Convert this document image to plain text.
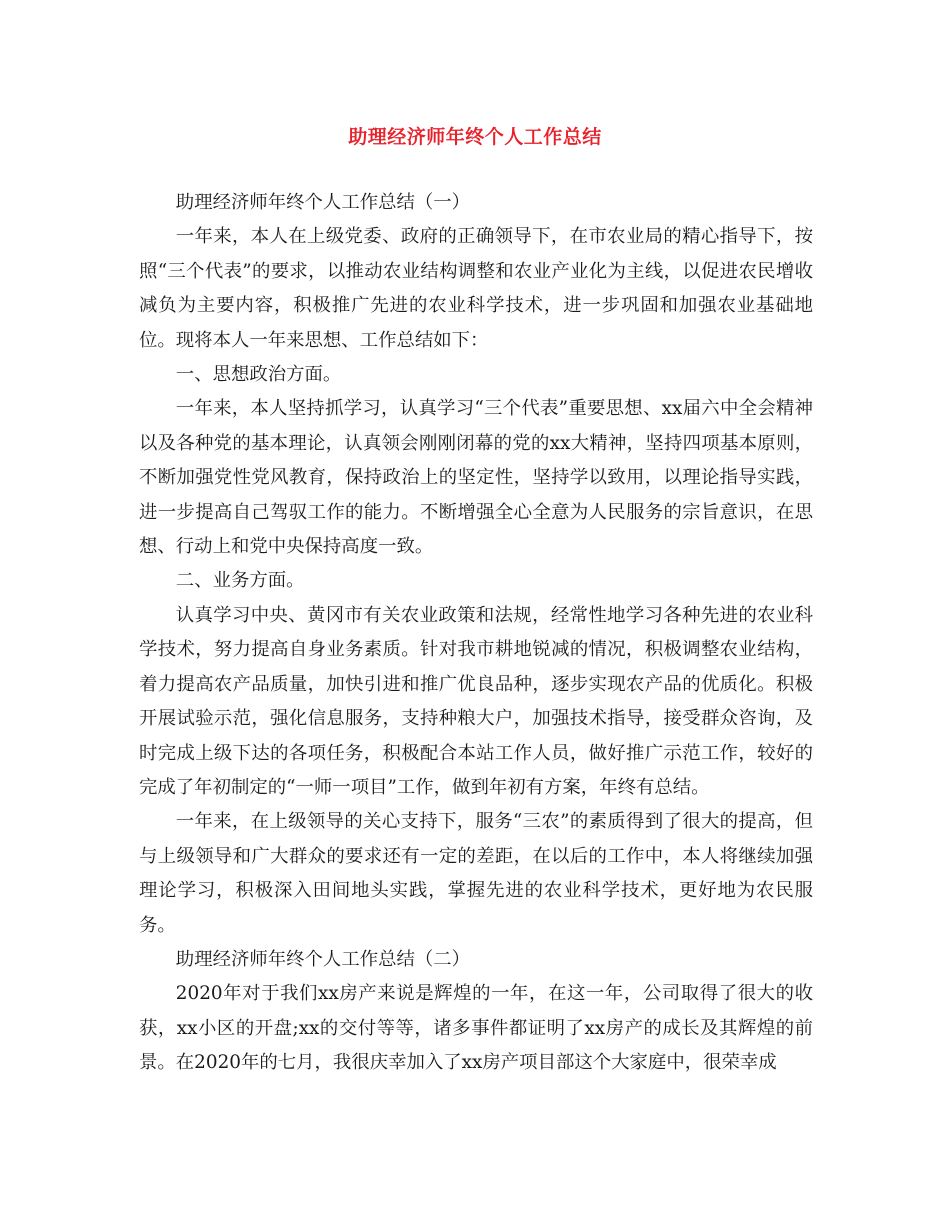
助理经济师年终个人工作总结

助理经济师年终个人工作总结（一）

一年来，本人在上级党委、政府的正确领导下，在市农业局的精心指导下，按照“三个代表”的要求，以推动农业结构调整和农业产业化为主线，以促进农民增收减负为主要内容，积极推广先进的农业科学技术，进一步巩固和加强农业基础地位。现将本人一年来思想、工作总结如下：

一、思想政治方面。

一年来，本人坚持抓学习，认真学习“三个代表”重要思想、xx届六中全会精神以及各种党的基本理论，认真领会刚刚闭幕的党的xx大精神，坚持四项基本原则，不断加强党性党风教育，保持政治上的坚定性，坚持学以致用，以理论指导实践，进一步提高自己驾驭工作的能力。不断增强全心全意为人民服务的宗旨意识，在思想、行动上和党中央保持高度一致。

二、业务方面。

认真学习中央、黄冈市有关农业政策和法规，经常性地学习各种先进的农业科学技术，努力提高自身业务素质。针对我市耕地锐减的情况，积极调整农业结构，着力提高农产品质量，加快引进和推广优良品种，逐步实现农产品的优质化。积极开展试验示范，强化信息服务，支持种粮大户，加强技术指导，接受群众咨询，及时完成上级下达的各项任务，积极配合本站工作人员，做好推广示范工作，较好的完成了年初制定的“一师一项目”工作，做到年初有方案，年终有总结。

一年来，在上级领导的关心支持下，服务“三农”的素质得到了很大的提高，但与上级领导和广大群众的要求还有一定的差距，在以后的工作中，本人将继续加强理论学习，积极深入田间地头实践，掌握先进的农业科学技术，更好地为农民服务。

助理经济师年终个人工作总结（二）

2020年对于我们xx房产来说是辉煌的一年，在这一年，公司取得了很大的收获，xx小区的开盘;xx的交付等等，诸多事件都证明了xx房产的成长及其辉煌的前景。在2020年的七月，我很庆幸加入了xx房产项目部这个大家庭中，很荣幸成
